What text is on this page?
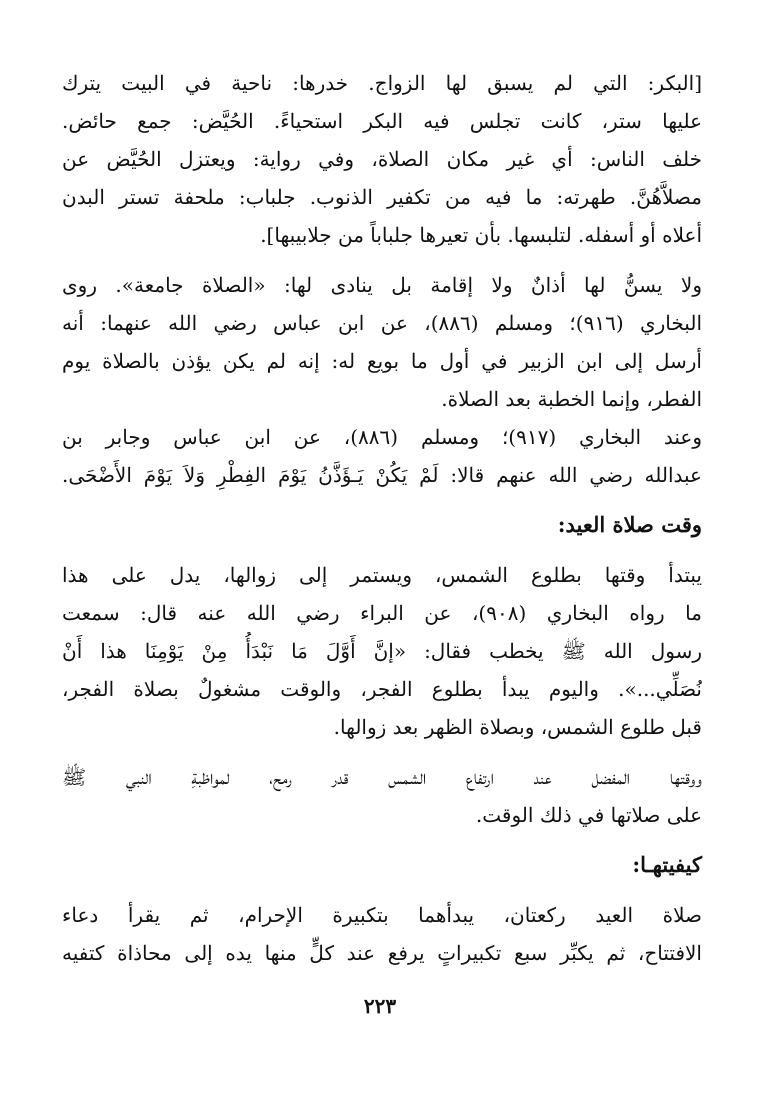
[البكر: التي لم يسبق لها الزواج. خدرها: ناحية في البيت يترك
عليها ستر، كانت تجلس فيه البكر استحياءً. الحُيَّض: جمع حائض.
خلف الناس: أي غير مكان الصلاة، وفي رواية: ويعتزل الحُيَّض عن
مصلاَّهُنَّ. طهرته: ما فيه من تكفير الذنوب. جلباب: ملحفة تستر البدن
أعلاه أو أسفله. لتلبسها. بأن تعيرها جلباباً من جلابيبها].
ولا يسنُّ لها أذانٌ ولا إقامة بل ينادى لها: «الصلاة جامعة». روى
البخاري (٩١٦)؛ ومسلم (٨٨٦)، عن ابن عباس رضي الله عنهما: أنه
أرسل إلى ابن الزبير في أول ما بويع له: إنه لم يكن يؤذن بالصلاة يوم
الفطر، وإنما الخطبة بعد الصلاة.
وعند البخاري (٩١٧)؛ ومسلم (٨٨٦)، عن ابن عباس وجابر بن
عبدالله رضي الله عنهم قالا: لَمْ يَكُنْ يَـؤَذَّنُ يَوْمَ الفِطْرِ وَلاَ يَوْمَ الأَضْحَى.
وقت صلاة العيد:
يبتدأ وقتها بطلوع الشمس، ويستمر إلى زوالها، يدل على هذا
ما رواه البخاري (٩٠٨)، عن البراء رضي الله عنه قال: سمعت
رسول الله ﷺ يخطب فقال: «إنَّ أَوَّلَ مَا نَبْدَأُ مِنْ يَوْمِنَا هذا أَنْ
نُصَلِّي...». واليوم يبدأ بطلوع الفجر، والوقت مشغولٌ بصلاة الفجر،
قبل طلوع الشمس، وبصلاة الظهر بعد زوالها.
ووقتها المفضل عند ارتفاع الشمس قدر رمح، لمواظبةِ النبي ﷺ
على صلاتها في ذلك الوقت.
كيفيتهـا:
صلاة العيد ركعتان، يبدأهما بتكبيرة الإحرام، ثم يقرأ دعاء
الافتتاح، ثم يكبِّر سبع تكبيراتٍ يرفع عند كلٍّ منها يده إلى محاذاة كتفيه
٢٢٣
